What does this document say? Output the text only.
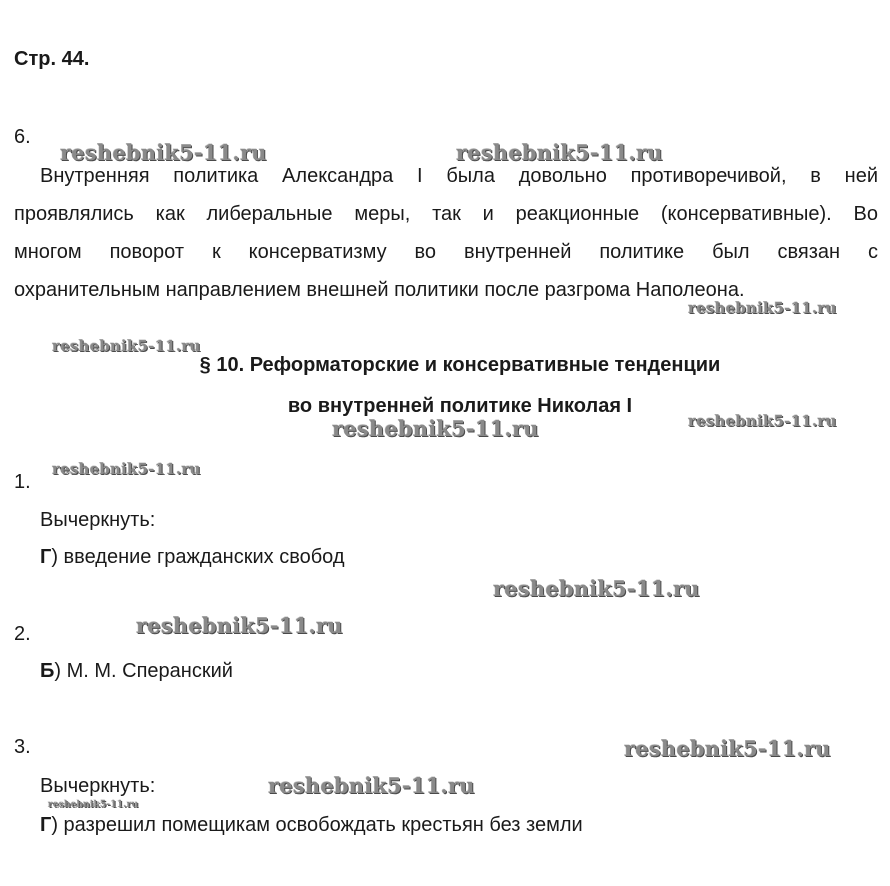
Стр. 44.
6.
Внутренняя политика Александра I была довольно противоречивой, в ней
проявлялись как либеральные меры, так и реакционные (консервативные). Во
многом поворот к консерватизму во внутренней политике был связан с
охранительным направлением внешней политики после разгрома Наполеона.
§ 10. Реформаторские и консервативные тенденции
во внутренней политике Николая I
1.
Вычеркнуть:
Г) введение гражданских свобод
2.
Б) М. М. Сперанский
3.
Вычеркнуть:
Г) разрешил помещикам освобождать крестьян без земли
reshebnik5-11.ru	reshebnik5-11.ru
reshebnik5-11.ru
reshebnik5-11.ru
reshebnik5-11.ru
reshebnik5-11.ru
reshebnik5-11.ru
reshebnik5-11.ru
reshebnik5-11.ru
reshebnik5-11.ru
reshebnik5-11.ru
reshebnik5-11.ru
